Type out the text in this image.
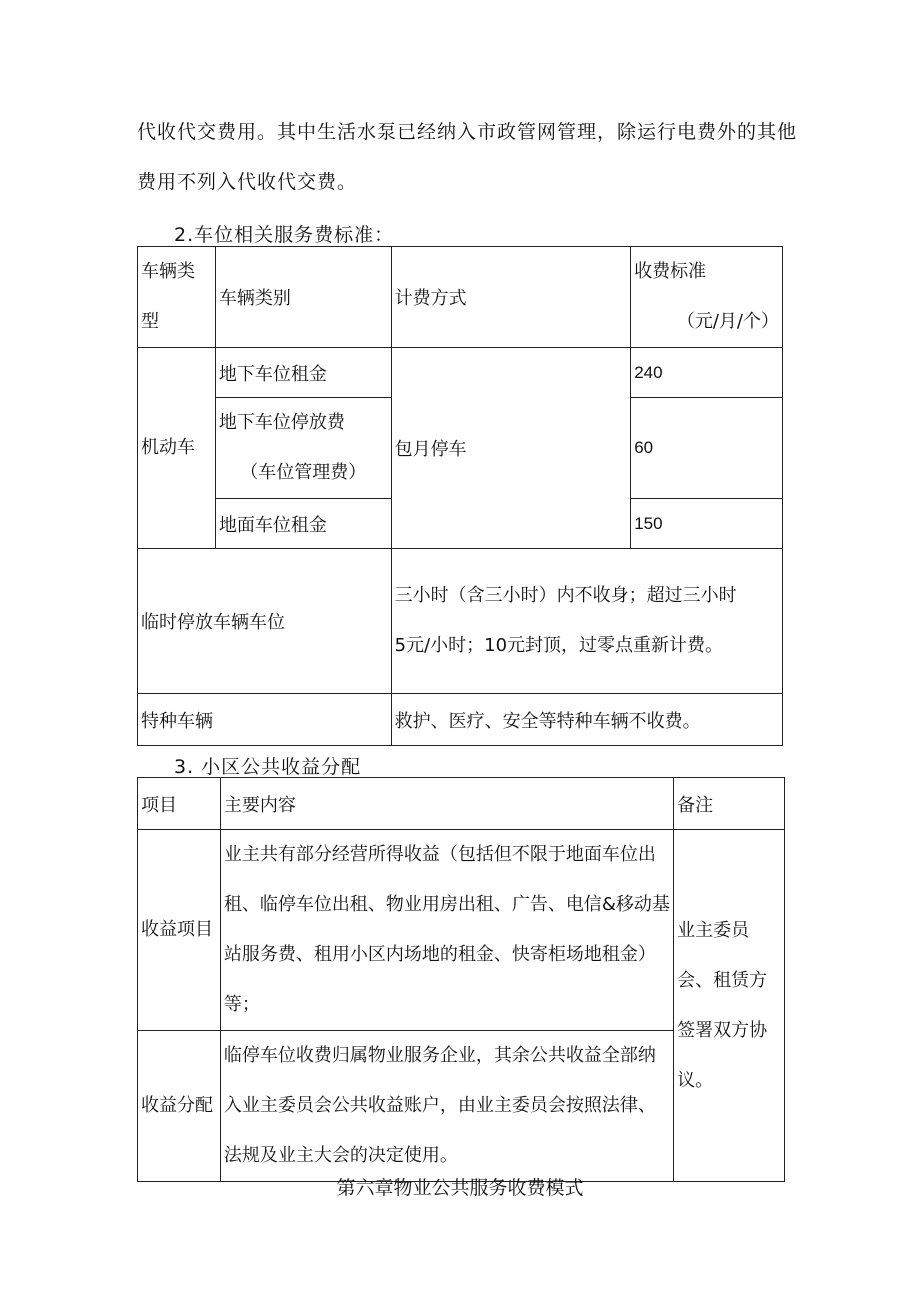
代收代交费用。其中生活水泵已经纳入市政管网管理，除运行电费外的其他
费用不列入代收代交费。
2.车位相关服务费标准：
车辆类型	车辆类别	计费方式	收费标准
（元/月/个）

机动车	地下车位租金	包月停车	240

	地下车位停放费
（车位管理费）		60
	地面车位租金		150
临时停放车辆车位		三小时（含三小时）内不收身；超过三小时
5元/小时；10元封顶，过零点重新计费。	

特种车辆		救护、医疗、安全等特种车辆不收费。	
3. 小区公共收益分配
项目	主要内容	备注
收益项目	业主共有部分经营所得收益（包括但不限于地面车位出租、临停车位出租、物业用房出租、广告、电信&移动基站服务费、租用小区内场地的租金、快寄柜场地租金）等；	业主委员会、租赁方签署双方协议。
收益分配	临停车位收费归属物业服务企业，其余公共收益全部纳入业主委员会公共收益账户，由业主委员会按照法律、法规及业主大会的决定使用。	
第六章物业公共服务收费模式
